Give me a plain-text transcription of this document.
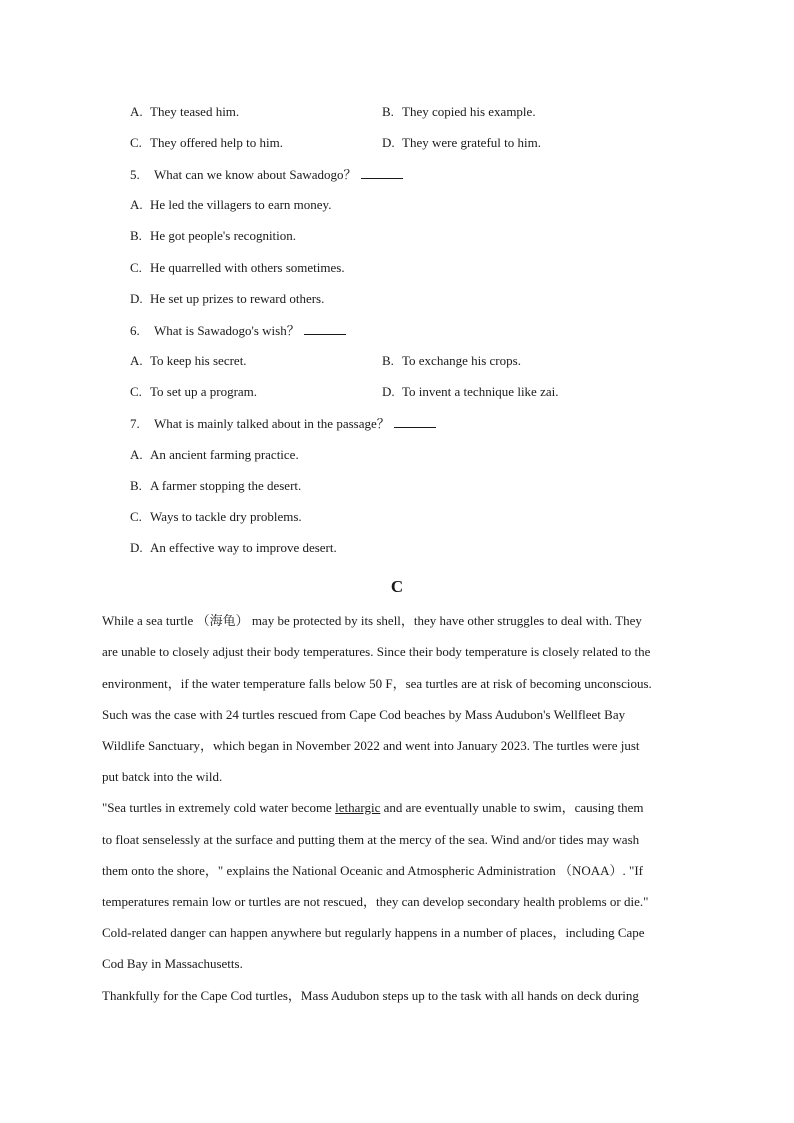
A. They teased him.	B. They copied his example.
C. They offered help to him.	D. They were grateful to him.
5. What can we know about Sawadogo？
A. He led the villagers to earn money.
B. He got people's recognition.
C. He quarrelled with others sometimes.
D. He set up prizes to reward others.
6. What is Sawadogo's wish？
A. To keep his secret.	B. To exchange his crops.
C. To set up a program.	D. To invent a technique like zai.
7. What is mainly talked about in the passage？
A. An ancient farming practice.
B. A farmer stopping the desert.
C. Ways to tackle dry problems.
D. An effective way to improve desert.
C
While a sea turtle （海龟） may be protected by its shell，they have other struggles to deal with. They
are unable to closely adjust their body temperatures. Since their body temperature is closely related to the
environment，if the water temperature falls below 50 F，sea turtles are at risk of becoming unconscious.
Such was the case with 24 turtles rescued from Cape Cod beaches by Mass Audubon's Wellfleet Bay
Wildlife Sanctuary，which began in November 2022 and went into January 2023. The turtles were just
put batck into the wild.
"Sea turtles in extremely cold water become lethargic and are eventually unable to swim，causing them
to float senselessly at the surface and putting them at the mercy of the sea. Wind and/or tides may wash
them onto the shore，" explains the National Oceanic and Atmospheric Administration （NOAA）. "If
temperatures remain low or turtles are not rescued，they can develop secondary health problems or die."
Cold-related danger can happen anywhere but regularly happens in a number of places，including Cape
Cod Bay in Massachusetts.
Thankfully for the Cape Cod turtles，Mass Audubon steps up to the task with all hands on deck during
